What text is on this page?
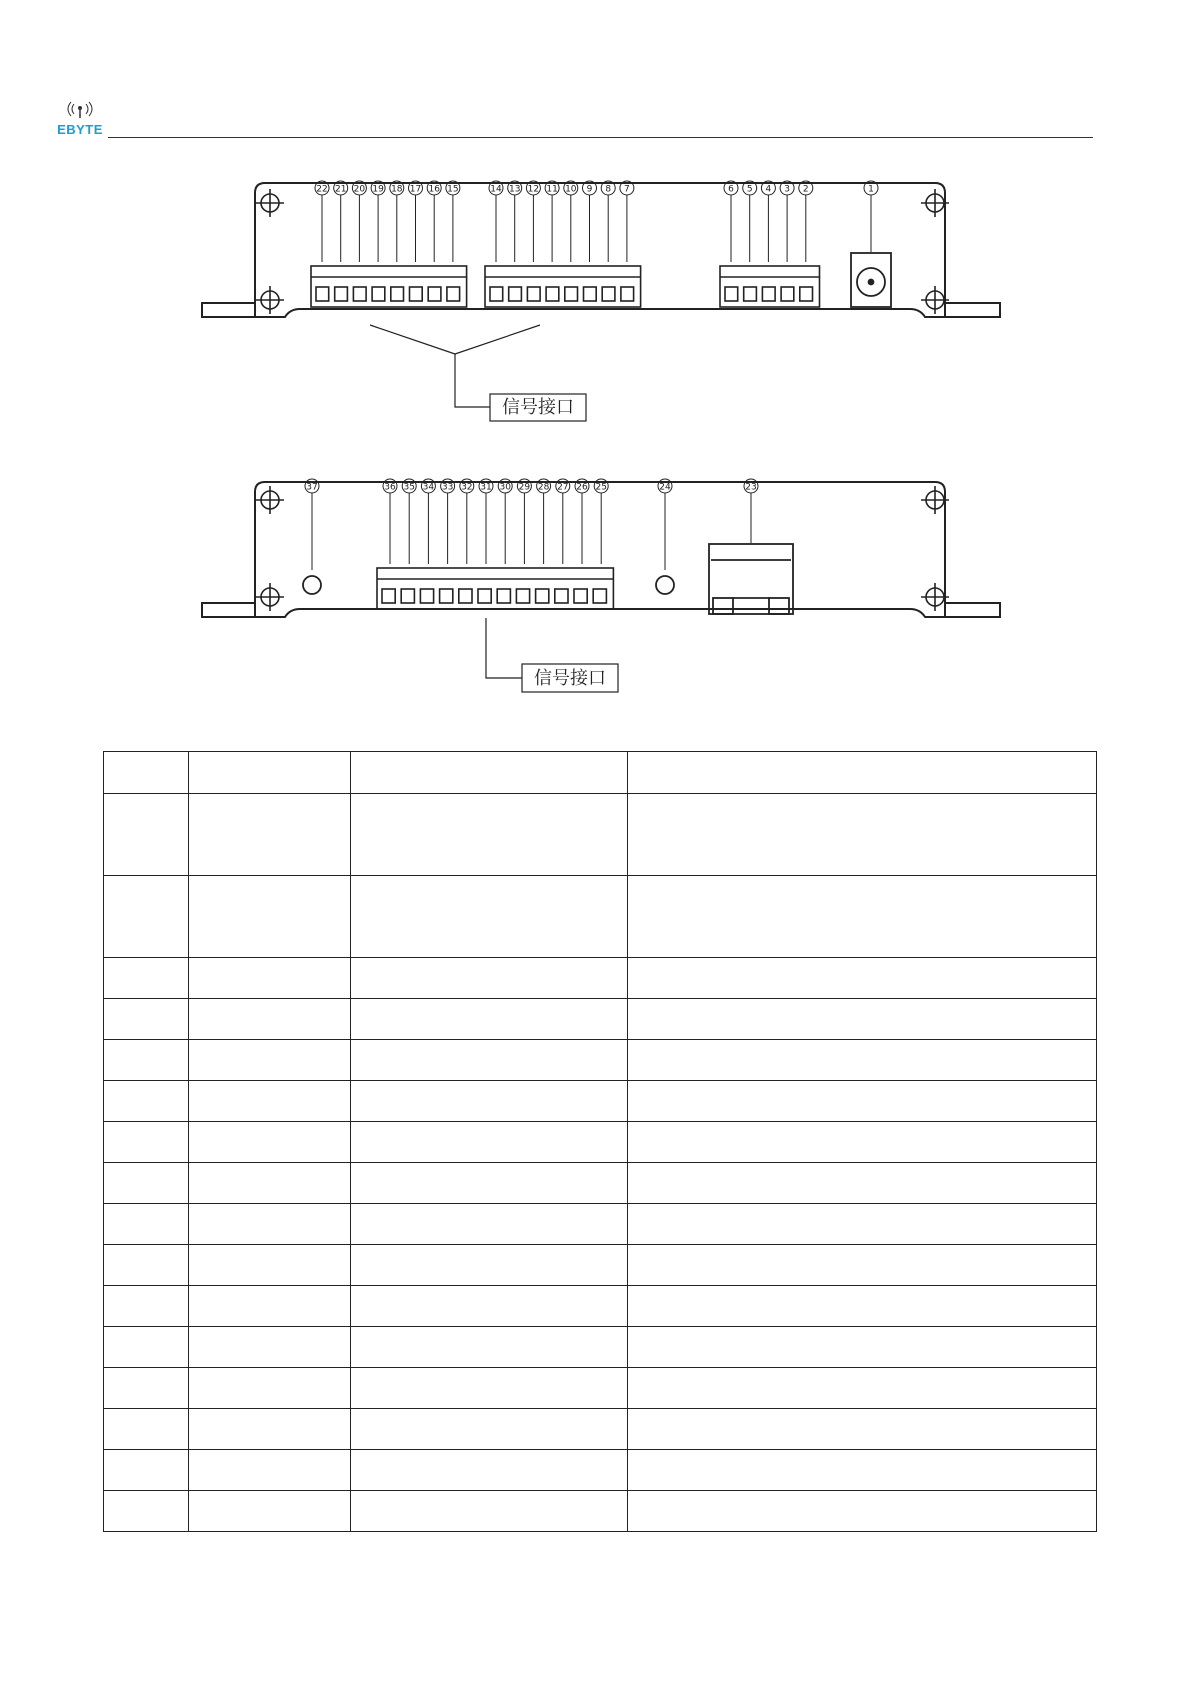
EBYTE
22 21 20 19 18 17 16 15	14 13 12 11 10 9 8 7	6 5 4 3 2	1
信号接口
36 35 34 33 32 31 30 29 28 27 26 25
37	24	23
信号接口
